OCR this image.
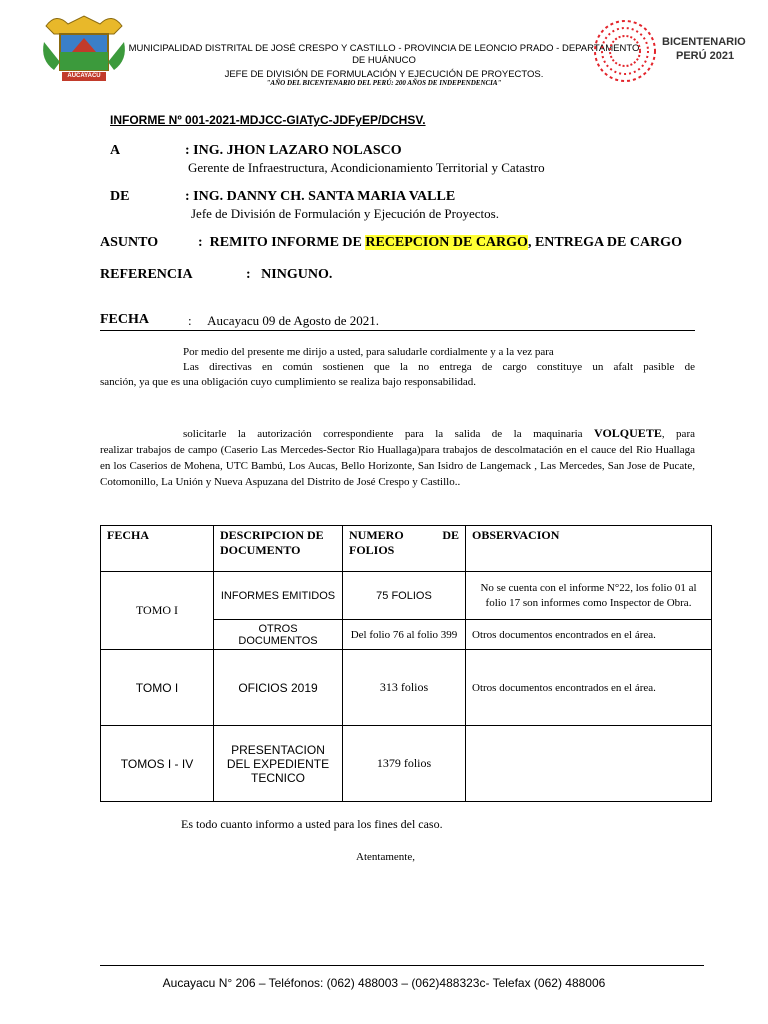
AUCAYACU
MUNICIPALIDAD DISTRITAL DE JOSÉ CRESPO Y CASTILLO - PROVINCIA DE LEONCIO PRADO - DEPARTAMENTO
DE HUÁNUCO
JEFE DE DIVISIÓN DE FORMULACIÓN Y EJECUCIÓN DE PROYECTOS.
"AÑO DEL BICENTENARIO DEL PERÚ: 200 AÑOS DE INDEPENDENCIA"
BICENTENARIO
PERÚ 2021
INFORME Nº 001-2021-MDJCC-GIATyC-JDFyEP/DCHSV.
A	: ING. JHON LAZARO NOLASCO
Gerente de Infraestructura, Acondicionamiento Territorial y Catastro
DE	: ING. DANNY CH. SANTA MARIA VALLE
Jefe de División de Formulación y Ejecución de Proyectos.
ASUNTO	:  REMITO INFORME DE RECEPCION DE CARGO, ENTREGA DE CARGO
REFERENCIA	:   NINGUNO.
FECHA	:     Aucayacu 09 de Agosto de 2021.
Por medio del presente me dirijo a usted, para saludarle cordialmente y a la vez para
Las directivas en común sostienen que la no entrega de cargo constituye un afalt pasible de
sanción, ya que es una obligación cuyo cumplimiento se realiza bajo responsabilidad.
solicitarle la autorización correspondiente para la salida de la maquinaria VOLQUETE, para
realizar trabajos de campo (Caserio Las Mercedes-Sector Rio Huallaga)para trabajos de descolmatación en el cauce del Rio Huallaga en los Caserios de Mohena, UTC Bambú, Los Aucas, Bello Horizonte, San Isidro de Langemack , Las Mercedes, San Jose de Pucate, Cotomonillo, La Unión y Nueva Aspuzana del Distrito de José Crespo y Castillo..
FECHA	DESCRIPCION DE DOCUMENTO	NUMERO DE FOLIOS	OBSERVACION
TOMO I	INFORMES EMITIDOS	75 FOLIOS	No se cuenta con el informe N°22, los folio 01 al folio 17 son informes como Inspector de Obra.
	OTROS DOCUMENTOS	Del folio 76 al folio 399	Otros documentos encontrados en el área.
TOMO I	OFICIOS 2019	313 folios	Otros documentos encontrados en el área.
TOMOS I - IV	PRESENTACION DEL EXPEDIENTE TECNICO	1379 folios	
Es todo cuanto informo a usted para los fines del caso.
Atentamente,
Aucayacu N° 206 – Teléfonos: (062) 488003 – (062)488323c- Telefax (062) 488006
